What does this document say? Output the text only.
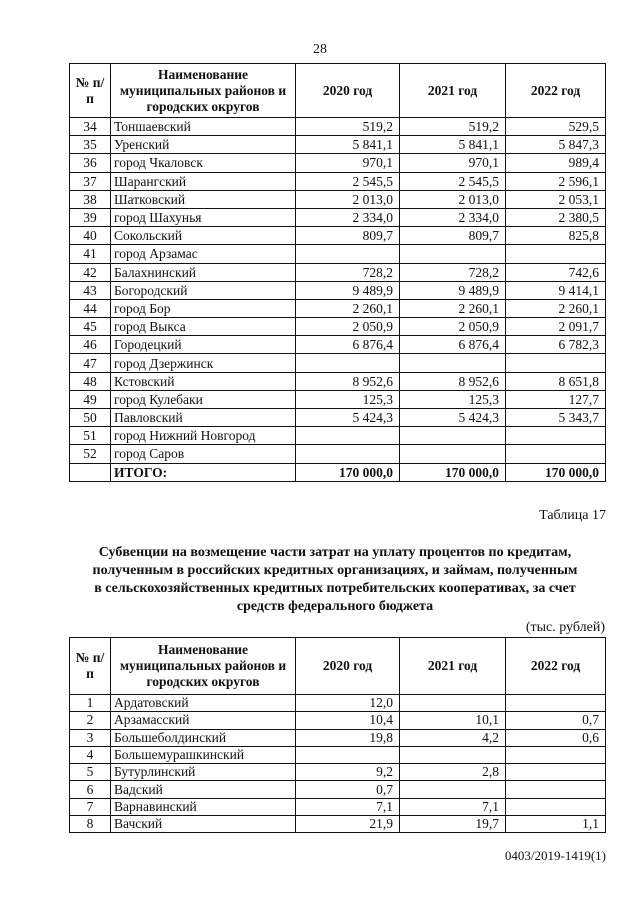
28
№ п/п	Наименование муниципальных районов и городских округов	2020 год	2021 год	2022 год
34	Тоншаевский	519,2	519,2	529,5
35	Уренский	5 841,1	5 841,1	5 847,3
36	город Чкаловск	970,1	970,1	989,4
37	Шарангский	2 545,5	2 545,5	2 596,1
38	Шатковский	2 013,0	2 013,0	2 053,1
39	город Шахунья	2 334,0	2 334,0	2 380,5
40	Сокольский	809,7	809,7	825,8
41	город Арзамас			
42	Балахнинский	728,2	728,2	742,6
43	Богородский	9 489,9	9 489,9	9 414,1
44	город Бор	2 260,1	2 260,1	2 260,1
45	город Выкса	2 050,9	2 050,9	2 091,7
46	Городецкий	6 876,4	6 876,4	6 782,3
47	город Дзержинск			
48	Кстовский	8 952,6	8 952,6	8 651,8
49	город Кулебаки	125,3	125,3	127,7
50	Павловский	5 424,3	5 424,3	5 343,7
51	город Нижний Новгород			
52	город Саров			
	ИТОГО:	170 000,0	170 000,0	170 000,0
Таблица 17
Субвенции на возмещение части затрат на уплату процентов по кредитам,
полученным в российских кредитных организациях, и займам, полученным
в сельскохозяйственных кредитных потребительских кооперативах, за счет
средств федерального бюджета
(тыс. рублей)
№ п/п	Наименование муниципальных районов и городских округов	2020 год	2021 год	2022 год
1	Ардатовский	12,0		
2	Арзамасский	10,4	10,1	0,7
3	Большеболдинский	19,8	4,2	0,6
4	Большемурашкинский			
5	Бутурлинский	9,2	2,8	
6	Вадский	0,7		
7	Варнавинский	7,1	7,1	
8	Вачский	21,9	19,7	1,1
0403/2019-1419(1)
